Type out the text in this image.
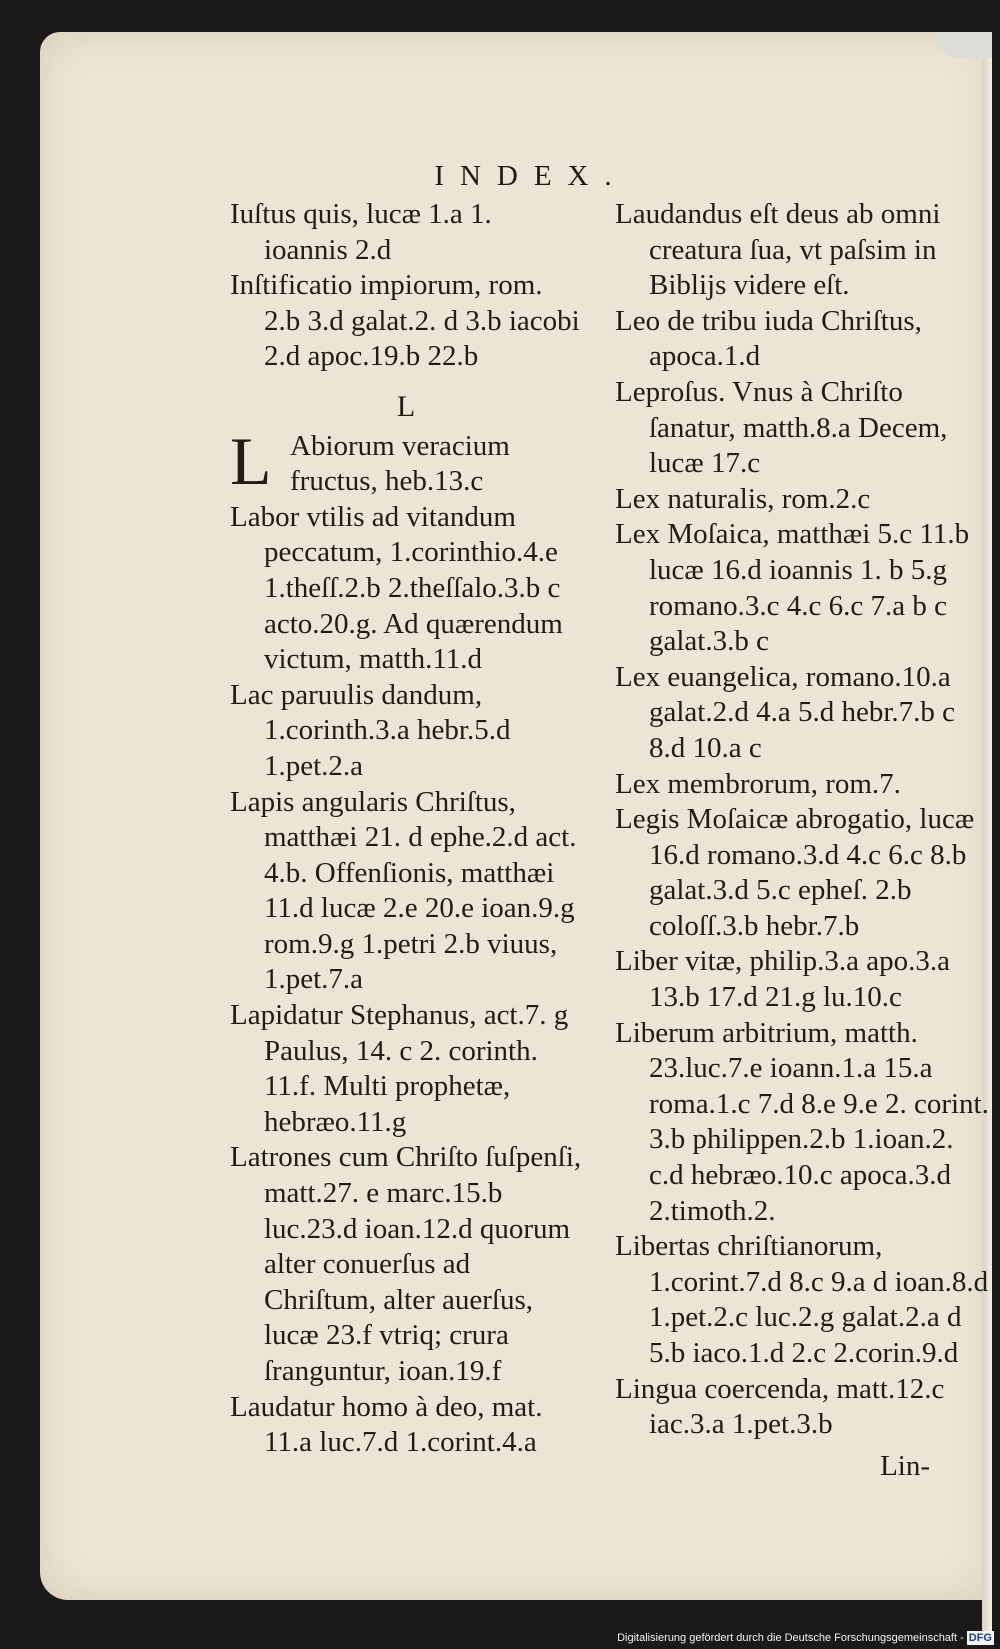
INDEX.

Iuſtus quis, lucæ 1.a 1. ioannis 2.d

Inſtificatio impiorum, rom. 2.b 3.d galat.2. d 3.b iacobi 2.d apoc.19.b 22.b

L

L Abiorum veracium fructus, heb.13.c

Labor vtilis ad vitandum peccatum, 1.corinthio.4.e 1.theſſ.2.b 2.theſſalo.3.b c acto.20.g. Ad quærendum victum, matth.11.d

Lac paruulis dandum, 1.corinth.3.a hebr.5.d 1.pet.2.a

Lapis angularis Chriſtus, matthæi 21. d ephe.2.d act. 4.b. Offenſionis, matthæi 11.d lucæ 2.e 20.e ioan.9.g rom.9.g 1.petri 2.b viuus, 1.pet.7.a

Lapidatur Stephanus, act.7. g Paulus, 14. c 2. corinth. 11.f. Multi prophetæ, hebræo.11.g

Latrones cum Chriſto ſuſpenſi, matt.27. e marc.15.b luc.23.d ioan.12.d quorum alter conuerſus ad Chriſtum, alter auerſus, lucæ 23.f vtriq; crura ſranguntur, ioan.19.f

Laudatur homo à deo, mat. 11.a luc.7.d 1.corint.4.a

Laudandus eſt deus ab omni creatura ſua, vt paſsim in Biblijs videre eſt.

Leo de tribu iuda Chriſtus, apoca.1.d

Leproſus. Vnus à Chriſto ſanatur, matth.8.a Decem, lucæ 17.c

Lex naturalis, rom.2.c

Lex Moſaica, matthæi 5.c 11.b lucæ 16.d ioannis 1. b 5.g romano.3.c 4.c 6.c 7.a b c galat.3.b c

Lex euangelica, romano.10.a galat.2.d 4.a 5.d hebr.7.b c 8.d 10.a c

Lex membrorum, rom.7.

Legis Moſaicæ abrogatio, lucæ 16.d romano.3.d 4.c 6.c 8.b galat.3.d 5.c epheſ. 2.b coloſſ.3.b hebr.7.b

Liber vitæ, philip.3.a apo.3.a 13.b 17.d 21.g lu.10.c

Liberum arbitrium, matth. 23.luc.7.e ioann.1.a 15.a roma.1.c 7.d 8.e 9.e 2. corint. 3.b philippen.2.b 1.ioan.2. c.d hebræo.10.c apoca.3.d 2.timoth.2.

Libertas chriſtianorum, 1.corint.7.d 8.c 9.a d ioan.8.d 1.pet.2.c luc.2.g galat.2.a d 5.b iaco.1.d 2.c 2.corin.9.d

Lingua coercenda, matt.12.c iac.3.a 1.pet.3.b

Lin-
Digitalisierung gefördert durch die Deutsche Forschungsgemeinschaft - DFG
